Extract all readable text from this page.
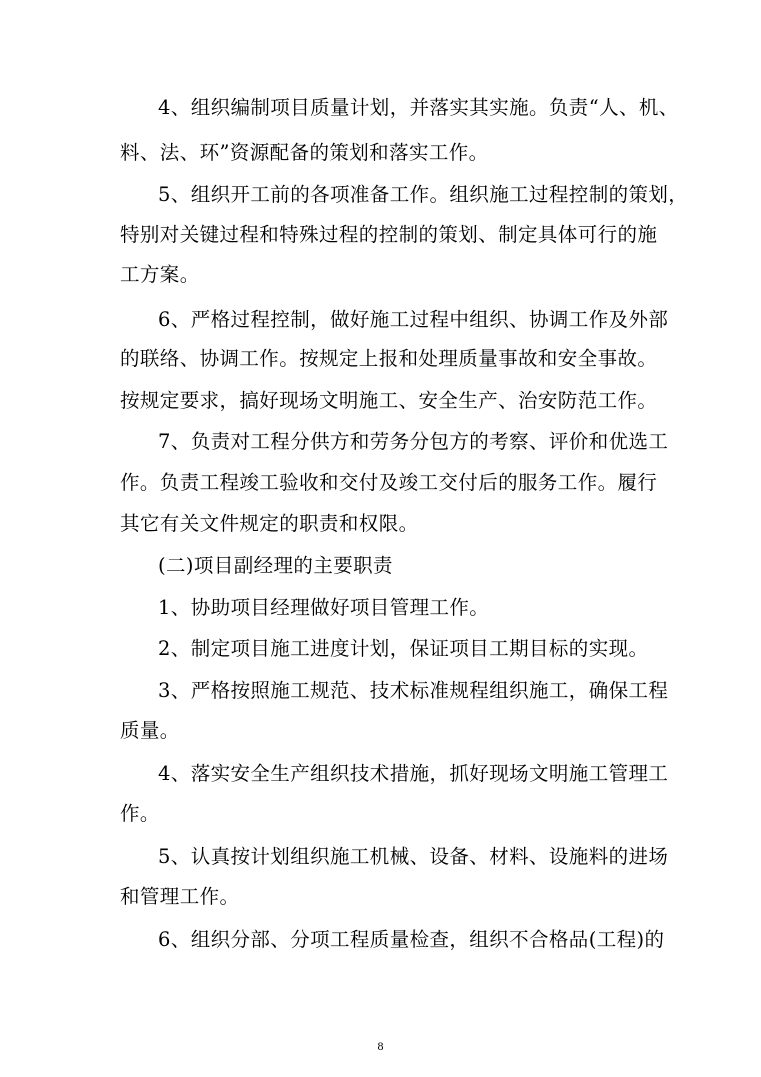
4、组织编制项目质量计划，并落实其实施。负责“人、机、
料、法、环”资源配备的策划和落实工作。
5、组织开工前的各项准备工作。组织施工过程控制的策划，
特别对关键过程和特殊过程的控制的策划、制定具体可行的施
工方案。
6、严格过程控制，做好施工过程中组织、协调工作及外部
的联络、协调工作。按规定上报和处理质量事故和安全事故。
按规定要求，搞好现场文明施工、安全生产、治安防范工作。
7、负责对工程分供方和劳务分包方的考察、评价和优选工
作。负责工程竣工验收和交付及竣工交付后的服务工作。履行
其它有关文件规定的职责和权限。
(二)项目副经理的主要职责
1、协助项目经理做好项目管理工作。
2、制定项目施工进度计划，保证项目工期目标的实现。
3、严格按照施工规范、技术标准规程组织施工，确保工程
质量。
4、落实安全生产组织技术措施，抓好现场文明施工管理工
作。
5、认真按计划组织施工机械、设备、材料、设施料的进场
和管理工作。
6、组织分部、分项工程质量检查，组织不合格品(工程)的
8
